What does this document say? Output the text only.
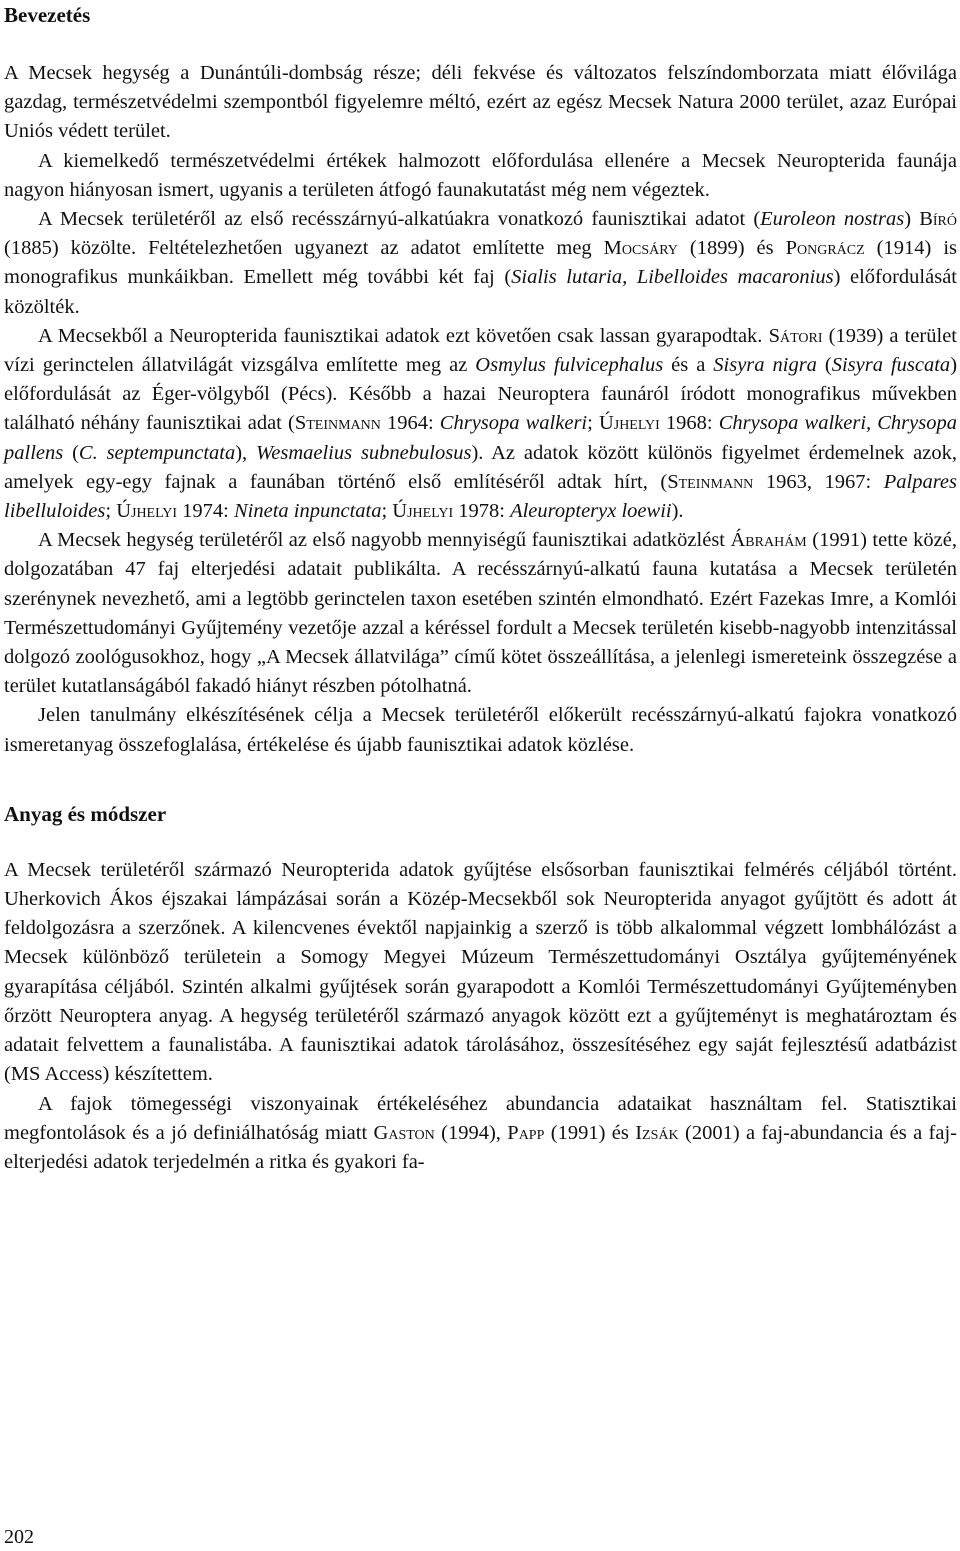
Bevezetés

A Mecsek hegység a Dunántúli-dombság része; déli fekvése és változatos felszíndomborzata miatt élővilága gazdag, természetvédelmi szempontból figyelemre méltó, ezért az egész Mecsek Natura 2000 terület, azaz Európai Uniós védett terület.

A kiemelkedő természetvédelmi értékek halmozott előfordulása ellenére a Mecsek Neuropterida faunája nagyon hiányosan ismert, ugyanis a területen átfogó faunakutatást még nem végeztek.

A Mecsek területéről az első recésszárnyú-alkatúakra vonatkozó faunisztikai adatot (Euroleon nostras) Bíró (1885) közölte. Feltételezhetően ugyanezt az adatot említette meg Mocsáry (1899) és Pongrácz (1914) is monografikus munkáikban. Emellett még további két faj (Sialis lutaria, Libelloides macaronius) előfordulását közölték.

A Mecsekből a Neuropterida faunisztikai adatok ezt követően csak lassan gyarapodtak. Sátori (1939) a terület vízi gerinctelen állatvilágát vizsgálva említette meg az Osmylus fulvicephalus és a Sisyra nigra (Sisyra fuscata) előfordulását az Éger-völgyből (Pécs). Később a hazai Neuroptera faunáról íródott monografikus művekben található néhány faunisztikai adat (Steinmann 1964: Chrysopa walkeri; Újhelyi 1968: Chrysopa walkeri, Chrysopa pallens (C. septempunctata), Wesmaelius subnebulosus). Az adatok között különös figyelmet érdemelnek azok, amelyek egy-egy fajnak a faunában történő első említéséről adtak hírt, (Steinmann 1963, 1967: Palpares libelluloides; Újhelyi 1974: Nineta inpunctata; Újhelyi 1978: Aleuropteryx loewii).

A Mecsek hegység területéről az első nagyobb mennyiségű faunisztikai adatközlést Ábrahám (1991) tette közé, dolgozatában 47 faj elterjedési adatait publikálta. A recésszárnyú-alkatú fauna kutatása a Mecsek területén szerénynek nevezhető, ami a legtöbb gerinctelen taxon esetében szintén elmondható. Ezért Fazekas Imre, a Komlói Természettudományi Gyűjtemény vezetője azzal a kéréssel fordult a Mecsek területén kisebb-nagyobb intenzitással dolgozó zoológusokhoz, hogy „A Mecsek állatvilága” című kötet összeállítása, a jelenlegi ismereteink összegzése a terület kutatlanságából fakadó hiányt részben pótolhatná.

Jelen tanulmány elkészítésének célja a Mecsek területéről előkerült recésszárnyú-alkatú fajokra vonatkozó ismeretanyag összefoglalása, értékelése és újabb faunisztikai adatok közlése.

Anyag és módszer

A Mecsek területéről származó Neuropterida adatok gyűjtése elsősorban faunisztikai felmérés céljából történt. Uherkovich Ákos éjszakai lámpázásai során a Közép-Mecsekből sok Neuropterida anyagot gyűjtött és adott át feldolgozásra a szerzőnek. A kilencvenes évektől napjainkig a szerző is több alkalommal végzett lombhálózást a Mecsek különböző területein a Somogy Megyei Múzeum Természettudományi Osztálya gyűjteményének gyarapítása céljából. Szintén alkalmi gyűjtések során gyarapodott a Komlói Természettudományi Gyűjteményben őrzött Neuroptera anyag. A hegység területéről származó anyagok között ezt a gyűjteményt is meghatároztam és adatait felvettem a faunalistába. A faunisztikai adatok tárolásához, összesítéséhez egy saját fejlesztésű adatbázist (MS Access) készítettem.

A fajok tömegességi viszonyainak értékeléséhez abundancia adataikat használtam fel. Statisztikai megfontolások és a jó definiálhatóság miatt Gaston (1994), Papp (1991) és Izsák (2001) a faj-abundancia és a faj-elterjedési adatok terjedelmén a ritka és gyakori fa-

202
